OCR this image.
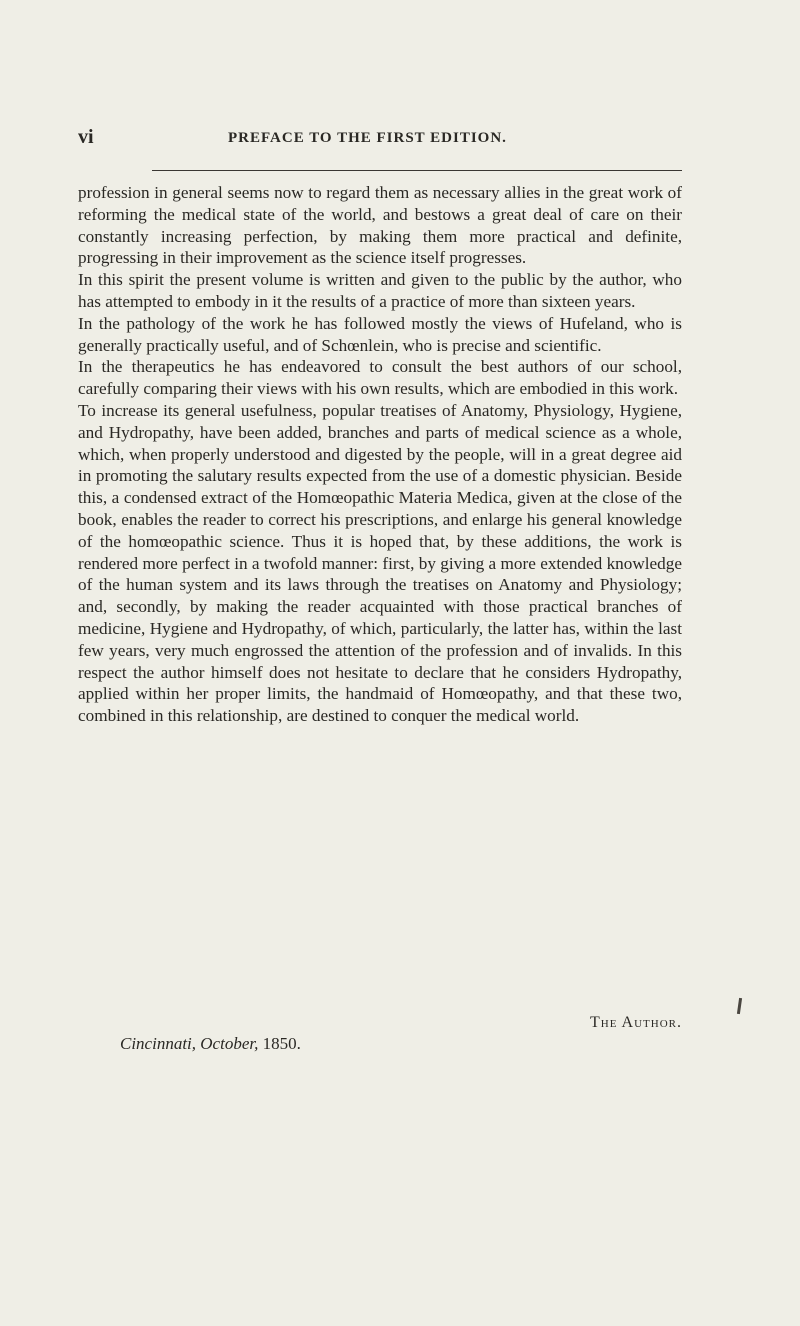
vi	PREFACE TO THE FIRST EDITION.

profession in general seems now to regard them as necessary allies in the great work of reforming the medical state of the world, and bestows a great deal of care on their constantly increasing perfection, by making them more practical and definite, progressing in their improvement as the science itself progresses.

In this spirit the present volume is written and given to the public by the author, who has attempted to embody in it the results of a practice of more than sixteen years.

In the pathology of the work he has followed mostly the views of Hufeland, who is generally practically useful, and of Schœnlein, who is precise and scientific.

In the therapeutics he has endeavored to consult the best authors of our school, carefully comparing their views with his own results, which are embodied in this work.

To increase its general usefulness, popular treatises of Anatomy, Physiology, Hygiene, and Hydropathy, have been added, branches and parts of medical science as a whole, which, when properly understood and digested by the people, will in a great degree aid in promoting the salutary results expected from the use of a domestic physician. Beside this, a condensed extract of the Homœopathic Materia Medica, given at the close of the book, enables the reader to correct his prescriptions, and enlarge his general knowledge of the homœopathic science. Thus it is hoped that, by these additions, the work is rendered more perfect in a twofold manner: first, by giving a more extended knowledge of the human system and its laws through the treatises on Anatomy and Physiology; and, secondly, by making the reader acquainted with those practical branches of medicine, Hygiene and Hydropathy, of which, particularly, the latter has, within the last few years, very much engrossed the attention of the profession and of invalids. In this respect the author himself does not hesitate to declare that he considers Hydropathy, applied within her proper limits, the handmaid of Homœopathy, and that these two, combined in this relationship, are destined to conquer the medical world.

The Author.
Cincinnati, October, 1850.
